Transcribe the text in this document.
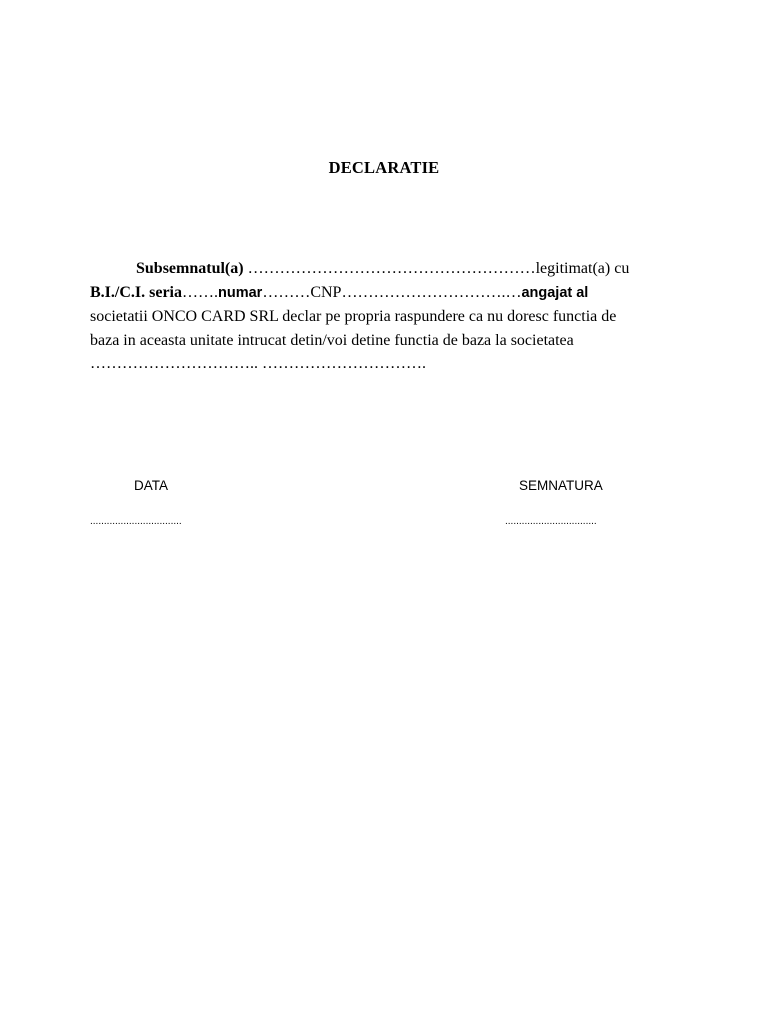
DECLARATIE
Subsemnatul(a) ………………………………………………legitimat(a) cu
B.I./C.I. seria…….numar………CNP………………………….…angajat al
societatii ONCO CARD SRL declar pe propria raspundere ca nu doresc functia de
baza in aceasta unitate intrucat detin/voi detine functia de baza la societatea
………………………….. ………………………….
DATA	SEMNATURA
.................................	.................................
